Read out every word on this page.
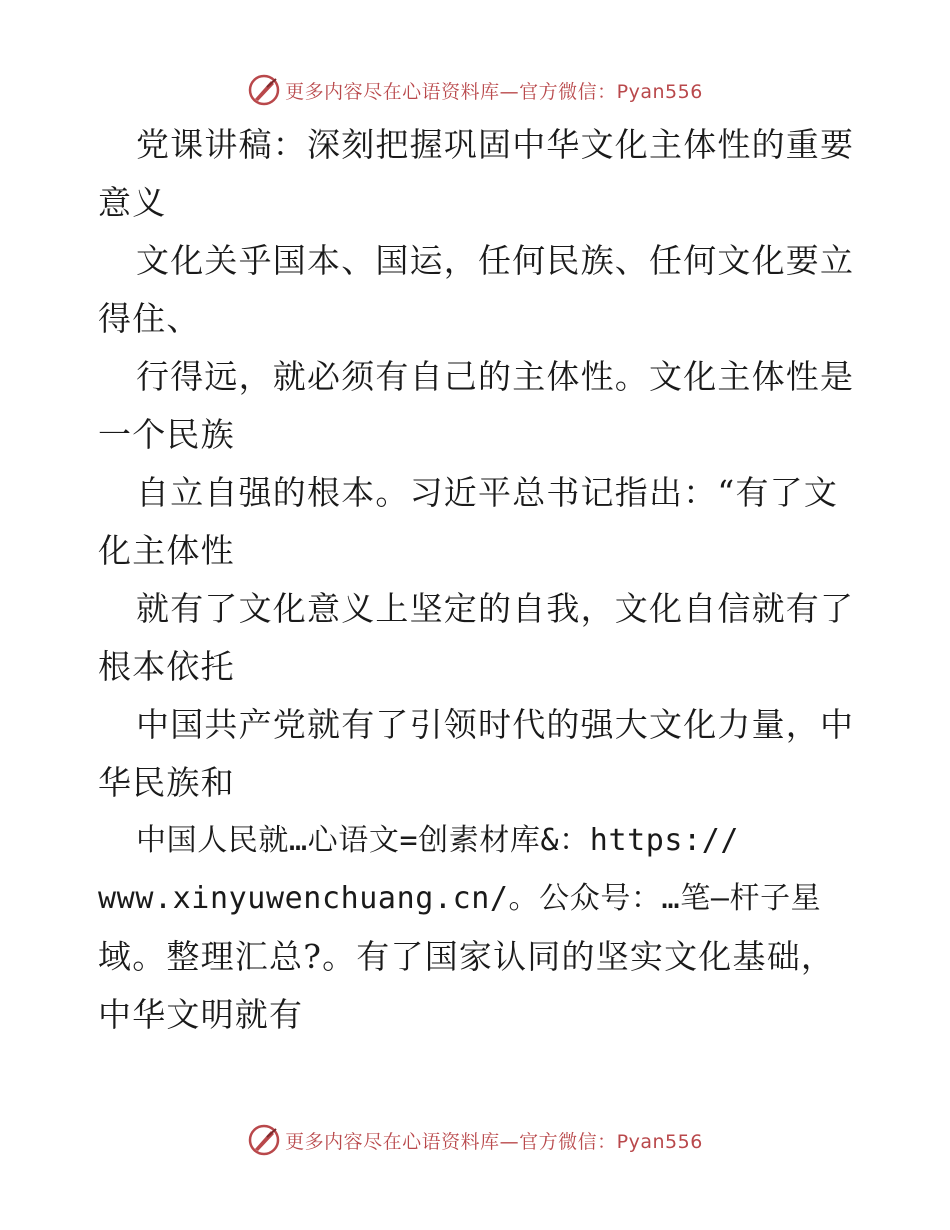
更多内容尽在心语资料库—官方微信：Pyan556
党课讲稿：深刻把握巩固中华文化主体性的重要
意义
文化关乎国本、国运，任何民族、任何文化要立
得住、
行得远，就必须有自己的主体性。文化主体性是
一个民族
自立自强的根本。习近平总书记指出：“有了文
化主体性
就有了文化意义上坚定的自我，文化自信就有了
根本依托
中国共产党就有了引领时代的强大文化力量，中
华民族和
中国人民就…心语文=创素材库&：https://
www.xinyuwenchuang.cn/。公众号：…笔—杆子星
域。整理汇总?。有了国家认同的坚实文化基础，
中华文明就有
更多内容尽在心语资料库—官方微信：Pyan556
